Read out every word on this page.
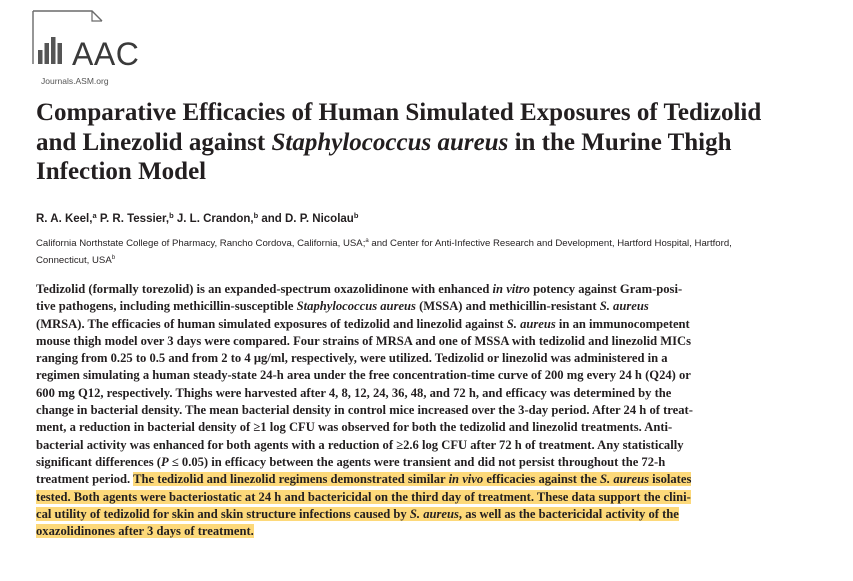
AAC
Journals.ASM.org
Comparative Efficacies of Human Simulated Exposures of Tedizolid
and Linezolid against Staphylococcus aureus in the Murine Thigh
Infection Model
R. A. Keel,$^a$ P. R. Tessier,$^b$ J. L. Crandon,$^b$ and D. P. Nicolau$^b$
California Northstate College of Pharmacy, Rancho Cordova, California, USA;$^a$ and Center for Anti-Infective Research and Development, Hartford Hospital, Hartford,
Connecticut, USA$^b$
Tedizolid (formally torezolid) is an expanded-spectrum oxazolidinone with enhanced in vitro potency against Gram-posi-
tive pathogens, including methicillin-susceptible Staphylococcus aureus (MSSA) and methicillin-resistant S. aureus
(MRSA). The efficacies of human simulated exposures of tedizolid and linezolid against S. aureus in an immunocompetent
mouse thigh model over 3 days were compared. Four strains of MRSA and one of MSSA with tedizolid and linezolid MICs
ranging from 0.25 to 0.5 and from 2 to 4 μg/ml, respectively, were utilized. Tedizolid or linezolid was administered in a
regimen simulating a human steady-state 24-h area under the free concentration-time curve of 200 mg every 24 h (Q24) or
600 mg Q12, respectively. Thighs were harvested after 4, 8, 12, 24, 36, 48, and 72 h, and efficacy was determined by the
change in bacterial density. The mean bacterial density in control mice increased over the 3-day period. After 24 h of treat-
ment, a reduction in bacterial density of ≥1 log CFU was observed for both the tedizolid and linezolid treatments. Anti-
bacterial activity was enhanced for both agents with a reduction of ≥2.6 log CFU after 72 h of treatment. Any statistically
significant differences (P ≤ 0.05) in efficacy between the agents were transient and did not persist throughout the 72-h
treatment period. The tedizolid and linezolid regimens demonstrated similar in vivo efficacies against the S. aureus isolates
tested. Both agents were bacteriostatic at 24 h and bactericidal on the third day of treatment. These data support the clini-
cal utility of tedizolid for skin and skin structure infections caused by S. aureus, as well as the bactericidal activity of the
oxazolidinones after 3 days of treatment.
